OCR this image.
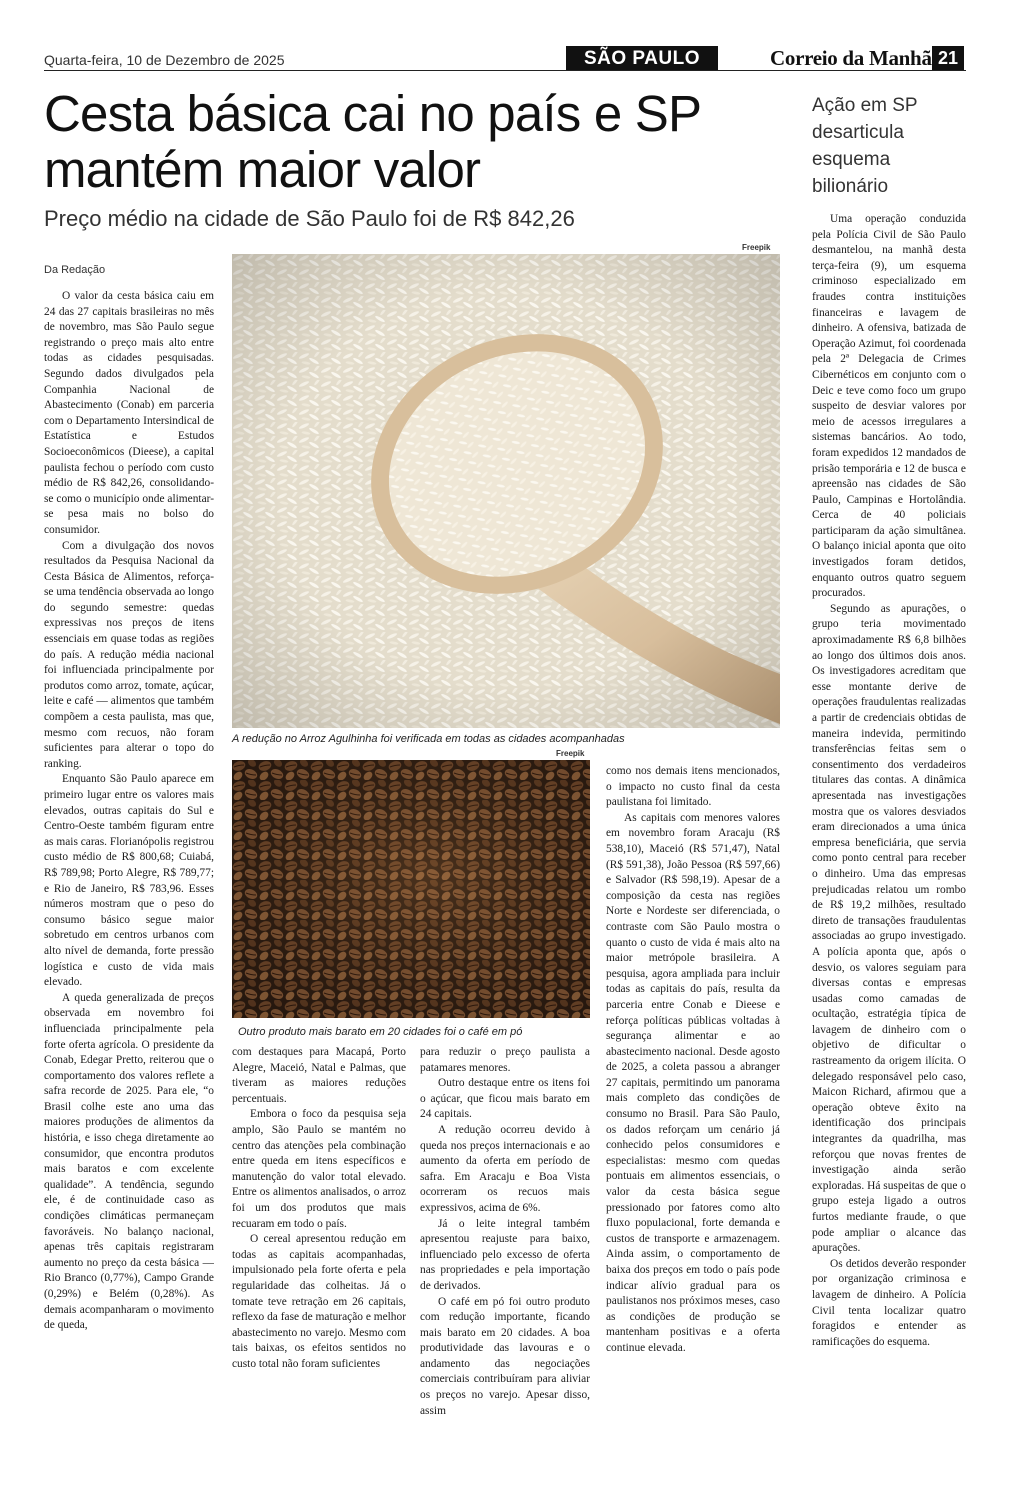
Quarta-feira, 10 de Dezembro de 2025	SÃO PAULO	Correio da Manhã 21
Cesta básica cai no país e SP mantém maior valor
Preço médio na cidade de São Paulo foi de R$ 842,26
Da Redação
Ação em SP desarticula esquema bilionário
Freepik
A redução no Arroz Agulhinha foi verificada em todas as cidades acompanhadas
Freepik
Outro produto mais barato em 20 cidades foi o café em pó

O valor da cesta básica caiu em 24 das 27 capitais brasileiras no mês de novembro, mas São Paulo segue registrando o preço mais alto entre todas as cidades pesquisadas. Segundo dados divulgados pela Companhia Nacional de Abastecimento (Conab) em parceria com o Departamento Intersindical de Estatística e Estudos Socioeconômicos (Dieese), a capital paulista fechou o período com custo médio de R$ 842,26, consolidando-se como o município onde alimentar-se pesa mais no bolso do consumidor.

Com a divulgação dos novos resultados da Pesquisa Nacional da Cesta Básica de Alimentos, reforça-se uma tendência observada ao longo do segundo semestre: quedas expressivas nos preços de itens essenciais em quase todas as regiões do país. A redução média nacional foi influenciada principalmente por produtos como arroz, tomate, açúcar, leite e café — alimentos que também compõem a cesta paulista, mas que, mesmo com recuos, não foram suficientes para alterar o topo do ranking.

Enquanto São Paulo aparece em primeiro lugar entre os valores mais elevados, outras capitais do Sul e Centro-Oeste também figuram entre as mais caras. Florianópolis registrou custo médio de R$ 800,68; Cuiabá, R$ 789,98; Porto Alegre, R$ 789,77; e Rio de Janeiro, R$ 783,96. Esses números mostram que o peso do consumo básico segue maior sobretudo em centros urbanos com alto nível de demanda, forte pressão logística e custo de vida mais elevado.

A queda generalizada de preços observada em novembro foi influenciada principalmente pela forte oferta agrícola. O presidente da Conab, Edegar Pretto, reiterou que o comportamento dos valores reflete a safra recorde de 2025. Para ele, “o Brasil colhe este ano uma das maiores produções de alimentos da história, e isso chega diretamente ao consumidor, que encontra produtos mais baratos e com excelente qualidade”. A tendência, segundo ele, é de continuidade caso as condições climáticas permaneçam favoráveis. No balanço nacional, apenas três capitais registraram aumento no preço da cesta básica — Rio Branco (0,77%), Campo Grande (0,29%) e Belém (0,28%). As demais acompanharam o movimento de queda,

com destaques para Macapá, Porto Alegre, Maceió, Natal e Palmas, que tiveram as maiores reduções percentuais.

Embora o foco da pesquisa seja amplo, São Paulo se mantém no centro das atenções pela combinação entre queda em itens específicos e manutenção do valor total elevado. Entre os alimentos analisados, o arroz foi um dos produtos que mais recuaram em todo o país.

O cereal apresentou redução em todas as capitais acompanhadas, impulsionado pela forte oferta e pela regularidade das colheitas. Já o tomate teve retração em 26 capitais, reflexo da fase de maturação e melhor abastecimento no varejo. Mesmo com tais baixas, os efeitos sentidos no custo total não foram suficientes

para reduzir o preço paulista a patamares menores.

Outro destaque entre os itens foi o açúcar, que ficou mais barato em 24 capitais.

A redução ocorreu devido à queda nos preços internacionais e ao aumento da oferta em período de safra. Em Aracaju e Boa Vista ocorreram os recuos mais expressivos, acima de 6%.

Já o leite integral também apresentou reajuste para baixo, influenciado pelo excesso de oferta nas propriedades e pela importação de derivados.

O café em pó foi outro produto com redução importante, ficando mais barato em 20 cidades. A boa produtividade das lavouras e o andamento das negociações comerciais contribuíram para aliviar os preços no varejo. Apesar disso, assim

como nos demais itens mencionados, o impacto no custo final da cesta paulistana foi limitado.

As capitais com menores valores em novembro foram Aracaju (R$ 538,10), Maceió (R$ 571,47), Natal (R$ 591,38), João Pessoa (R$ 597,66) e Salvador (R$ 598,19). Apesar de a composição da cesta nas regiões Norte e Nordeste ser diferenciada, o contraste com São Paulo mostra o quanto o custo de vida é mais alto na maior metrópole brasileira. A pesquisa, agora ampliada para incluir todas as capitais do país, resulta da parceria entre Conab e Dieese e reforça políticas públicas voltadas à segurança alimentar e ao abastecimento nacional. Desde agosto de 2025, a coleta passou a abranger 27 capitais, permitindo um panorama mais completo das condições de consumo no Brasil. Para São Paulo, os dados reforçam um cenário já conhecido pelos consumidores e especialistas: mesmo com quedas pontuais em alimentos essenciais, o valor da cesta básica segue pressionado por fatores como alto fluxo populacional, forte demanda e custos de transporte e armazenagem. Ainda assim, o comportamento de baixa dos preços em todo o país pode indicar alívio gradual para os paulistanos nos próximos meses, caso as condições de produção se mantenham positivas e a oferta continue elevada.

Uma operação conduzida pela Polícia Civil de São Paulo desmantelou, na manhã desta terça-feira (9), um esquema criminoso especializado em fraudes contra instituições financeiras e lavagem de dinheiro. A ofensiva, batizada de Operação Azimut, foi coordenada pela 2ª Delegacia de Crimes Cibernéticos em conjunto com o Deic e teve como foco um grupo suspeito de desviar valores por meio de acessos irregulares a sistemas bancários. Ao todo, foram expedidos 12 mandados de prisão temporária e 12 de busca e apreensão nas cidades de São Paulo, Campinas e Hortolândia. Cerca de 40 policiais participaram da ação simultânea. O balanço inicial aponta que oito investigados foram detidos, enquanto outros quatro seguem procurados.

Segundo as apurações, o grupo teria movimentado aproximadamente R$ 6,8 bilhões ao longo dos últimos dois anos. Os investigadores acreditam que esse montante derive de operações fraudulentas realizadas a partir de credenciais obtidas de maneira indevida, permitindo transferências feitas sem o consentimento dos verdadeiros titulares das contas. A dinâmica apresentada nas investigações mostra que os valores desviados eram direcionados a uma única empresa beneficiária, que servia como ponto central para receber o dinheiro. Uma das empresas prejudicadas relatou um rombo de R$ 19,2 milhões, resultado direto de transações fraudulentas associadas ao grupo investigado. A polícia aponta que, após o desvio, os valores seguiam para diversas contas e empresas usadas como camadas de ocultação, estratégia típica de lavagem de dinheiro com o objetivo de dificultar o rastreamento da origem ilícita. O delegado responsável pelo caso, Maicon Richard, afirmou que a operação obteve êxito na identificação dos principais integrantes da quadrilha, mas reforçou que novas frentes de investigação ainda serão exploradas. Há suspeitas de que o grupo esteja ligado a outros furtos mediante fraude, o que pode ampliar o alcance das apurações.

Os detidos deverão responder por organização criminosa e lavagem de dinheiro. A Polícia Civil tenta localizar quatro foragidos e entender as ramificações do esquema.
